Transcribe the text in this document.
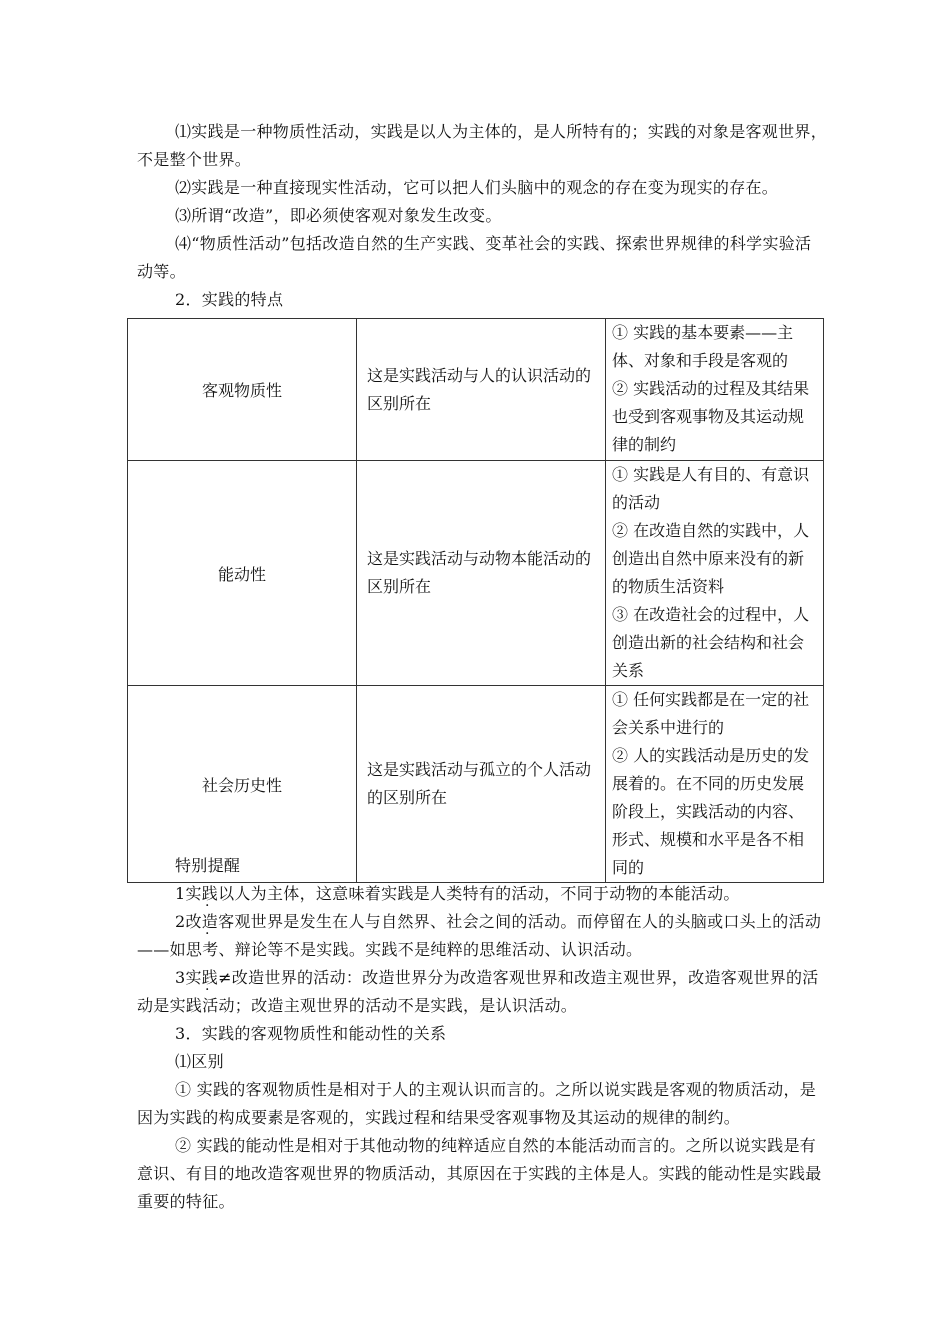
⑴实践是一种物质性活动，实践是以人为主体的，是人所特有的；实践的对象是客观世界，不是整个世界。

⑵实践是一种直接现实性活动，它可以把人们头脑中的观念的存在变为现实的存在。

⑶所谓“改造”，即必须使客观对象发生改变。

⑷“物质性活动”包括改造自然的生产实践、变革社会的实践、探索世界规律的科学实验活动等。

2．实践的特点

客观物质性	这是实践活动与人的认识活动的区别所在	① 实践的基本要素——主体、对象和手段是客观的
② 实践活动的过程及其结果也受到客观事物及其运动规律的制约

能动性	这是实践活动与动物本能活动的区别所在	① 实践是人有目的、有意识的活动
② 在改造自然的实践中，人创造出自然中原来没有的新的物质生活资料
③ 在改造社会的过程中，人创造出新的社会结构和社会关系

社会历史性	这是实践活动与孤立的个人活动的区别所在	① 任何实践都是在一定的社会关系中进行的
② 人的实践活动是历史的发展着的。在不同的历史发展阶段上，实践活动的内容、形式、规模和水平是各不相同的

特别提醒

. 1实践以人为主体，这意味着实践是人类特有的活动，不同于动物的本能活动。

. 2改造客观世界是发生在人与自然界、社会之间的活动。而停留在人的头脑或口头上的活动——如思考、辩论等不是实践。实践不是纯粹的思维活动、认识活动。

. 3实践≠改造世界的活动：改造世界分为改造客观世界和改造主观世界，改造客观世界的活动是实践活动；改造主观世界的活动不是实践，是认识活动。

3．实践的客观物质性和能动性的关系

⑴区别

① 实践的客观物质性是相对于人的主观认识而言的。之所以说实践是客观的物质活动，是因为实践的构成要素是客观的，实践过程和结果受客观事物及其运动的规律的制约。

② 实践的能动性是相对于其他动物的纯粹适应自然的本能活动而言的。之所以说实践是有意识、有目的地改造客观世界的物质活动，其原因在于实践的主体是人。实践的能动性是实践最重要的特征。
